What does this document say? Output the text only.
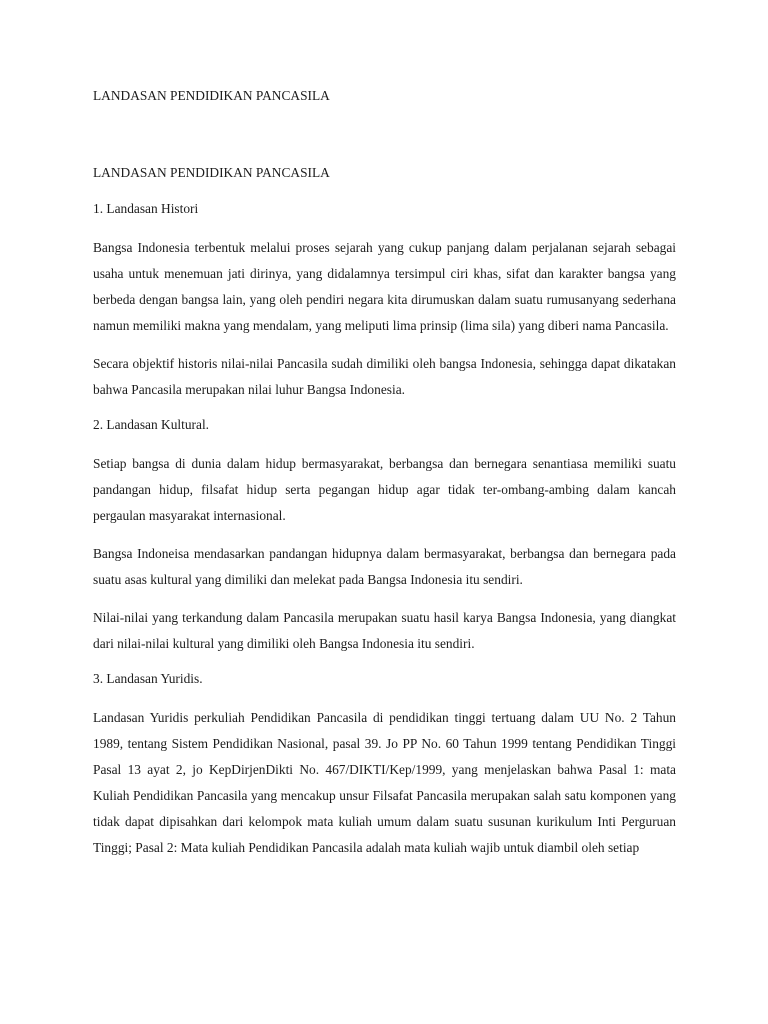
LANDASAN PENDIDIKAN PANCASILA
LANDASAN PENDIDIKAN PANCASILA

1. Landasan Histori

Bangsa Indonesia terbentuk melalui proses sejarah yang cukup panjang dalam perjalanan sejarah sebagai usaha untuk menemuan jati dirinya, yang didalamnya tersimpul ciri khas, sifat dan karakter bangsa yang berbeda dengan bangsa lain, yang oleh pendiri negara kita dirumuskan dalam suatu rumusanyang sederhana namun memiliki makna yang mendalam, yang meliputi lima prinsip (lima sila) yang diberi nama Pancasila.

Secara objektif historis nilai-nilai Pancasila sudah dimiliki oleh bangsa Indonesia, sehingga dapat dikatakan bahwa Pancasila merupakan nilai luhur Bangsa Indonesia.

2. Landasan Kultural.

Setiap bangsa di dunia dalam hidup bermasyarakat, berbangsa dan bernegara senantiasa memiliki suatu pandangan hidup, filsafat hidup serta pegangan hidup agar tidak ter-ombang-ambing dalam kancah pergaulan masyarakat internasional.

Bangsa Indoneisa mendasarkan pandangan hidupnya dalam bermasyarakat, berbangsa dan bernegara pada suatu asas kultural yang dimiliki dan melekat pada Bangsa Indonesia itu sendiri.

Nilai-nilai yang terkandung dalam Pancasila merupakan suatu hasil karya Bangsa Indonesia, yang diangkat dari nilai-nilai kultural yang dimiliki oleh Bangsa Indonesia itu sendiri.

3. Landasan Yuridis.

Landasan Yuridis perkuliah Pendidikan Pancasila di pendidikan tinggi tertuang dalam UU No. 2 Tahun 1989, tentang Sistem Pendidikan Nasional, pasal 39. Jo PP No. 60 Tahun 1999 tentang Pendidikan Tinggi Pasal 13 ayat 2, jo KepDirjenDikti No. 467/DIKTI/Kep/1999, yang menjelaskan bahwa Pasal 1: mata Kuliah Pendidikan Pancasila yang mencakup unsur Filsafat Pancasila merupakan salah satu komponen yang tidak dapat dipisahkan dari kelompok mata kuliah umum dalam suatu susunan kurikulum Inti Perguruan Tinggi; Pasal 2: Mata kuliah Pendidikan Pancasila adalah mata kuliah wajib untuk diambil oleh setiap
